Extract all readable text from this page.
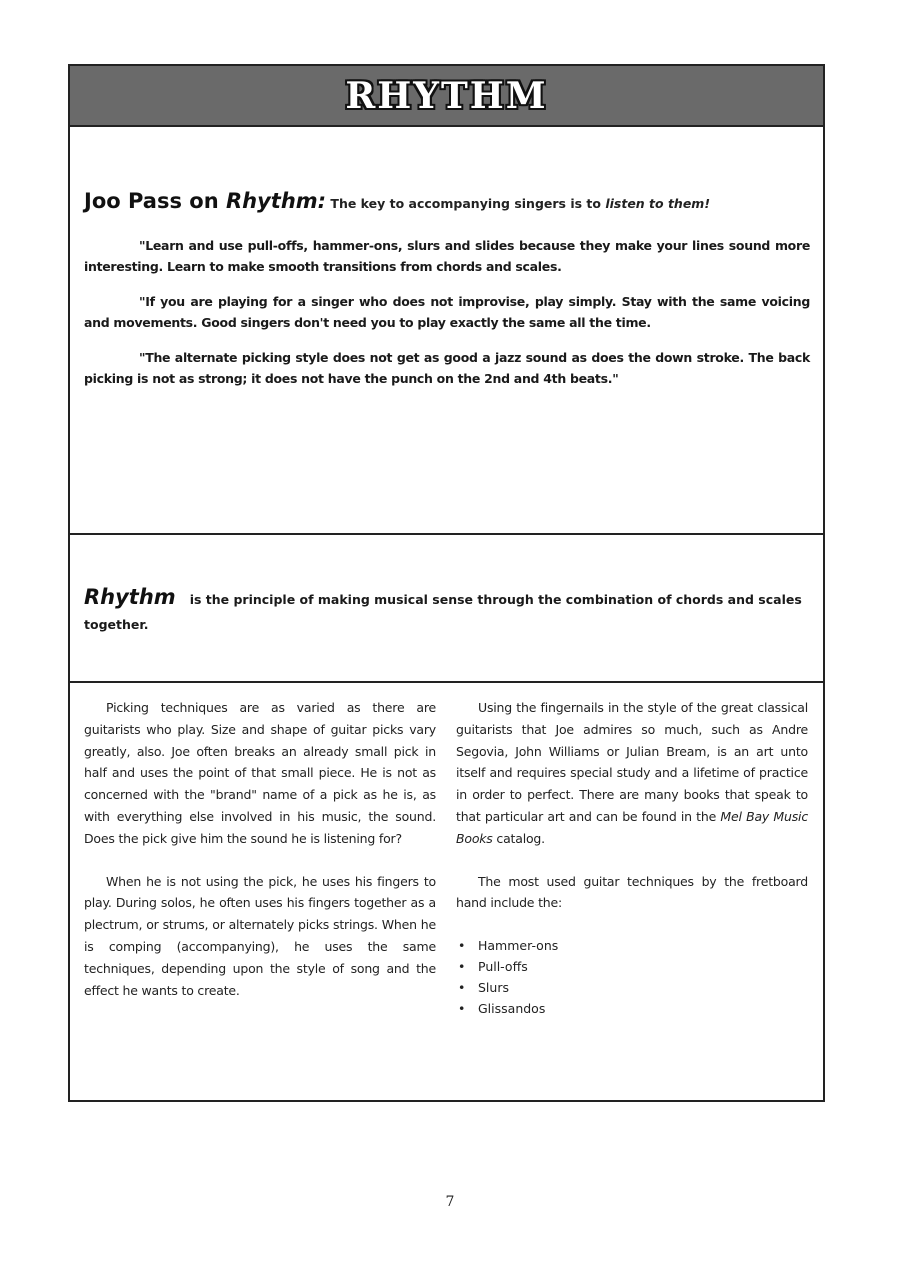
RHYTHM
Joo Pass on Rhythm: The key to accompanying singers is to listen to them!

"Learn and use pull-offs, hammer-ons, slurs and slides because they make your lines sound more interesting. Learn to make smooth transitions from chords and scales.

"If you are playing for a singer who does not improvise, play simply. Stay with the same voicing and movements. Good singers don't need you to play exactly the same all the time.

"The alternate picking style does not get as good a jazz sound as does the down stroke. The back picking is not as strong; it does not have the punch on the 2nd and 4th beats."

Rhythm is the principle of making musical sense through the combination of chords and scales together.

Picking techniques are as varied as there are guitarists who play. Size and shape of guitar picks vary greatly, also. Joe often breaks an already small pick in half and uses the point of that small piece. He is not as concerned with the "brand" name of a pick as he is, as with everything else involved in his music, the sound. Does the pick give him the sound he is listening for?

When he is not using the pick, he uses his fingers to play. During solos, he often uses his fingers together as a plectrum, or strums, or alternately picks strings. When he is comping (accompanying), he uses the same techniques, depending upon the style of song and the effect he wants to create.

Using the fingernails in the style of the great classical guitarists that Joe admires so much, such as Andre Segovia, John Williams or Julian Bream, is an art unto itself and requires special study and a lifetime of practice in order to perfect. There are many books that speak to that particular art and can be found in the Mel Bay Music Books catalog.

The most used guitar techniques by the fretboard hand include the:

• Hammer-ons
• Pull-offs
• Slurs
• Glissandos
7
